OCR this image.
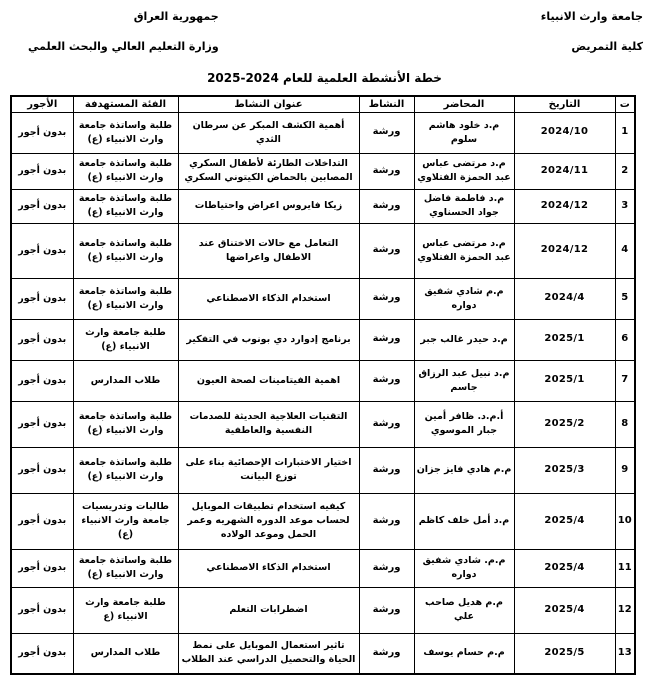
جامعة وارث الانبياء
كلية التمريض
جمهورية العراق
وزارة التعليم العالي والبحث العلمي
خطة الأنشطة العلمية للعام 2024-2025
ت	التاريخ	المحاضر	النشاط	عنوان النشاط	الفئة المستهدفة	الأجور
1	2024/10	م.د خلود هاشم سلوم	ورشة	أهمية الكشف المبكر عن سرطان الثدي	طلبة واساتذة جامعة وارث الانبياء (ع)	بدون أجور
2	2024/11	م.د مرتضى عباس عبد الحمزة الفتلاوي	ورشة	التداخلات الطارئة لأطفال السكري المصابين بالحماض الكيتوني السكري	طلبة واساتذة جامعة وارث الانبياء (ع)	بدون أجور
3	2024/12	م.د فاطمة فاضل جواد الحسناوي	ورشة	زيكا فايروس اعراض واحتياطات	طلبة واساتذة جامعة وارث الانبياء (ع)	بدون أجور
4	2024/12	م.د مرتضى عباس عبد الحمزة الفتلاوي	ورشة	التعامل مع حالات الاختناق عند الاطفال واعراضها	طلبة واساتذة جامعة وارث الانبياء (ع)	بدون أجور
5	2024/4	م.م شادي شفيق دواره	ورشة	استخدام الذكاء الاصطناعي	طلبة واساتذة جامعة وارث الانبياء (ع)	بدون أجور
6	2025/1	م.د حيدر غالب جبر	ورشة	برنامج إدوارد دي بونوب في التفكير	طلبة جامعة وارث الانبياء (ع)	بدون أجور
7	2025/1	م.د نبيل عبد الرزاق جاسم	ورشة	اهمية الفيتامينات لصحة العيون	طلاب المدارس	بدون أجور
8	2025/2	أ.م.د. ظافر أمين جبار الموسوي	ورشة	التقنيات العلاجية الحديثة للصدمات النفسية والعاطفية	طلبة واساتذة جامعة وارث الانبياء (ع)	بدون أجور
9	2025/3	م.م هادي فايز جزان	ورشة	اختيار الاختبارات الإحصائية بناء على توزع البيانت	طلبة واساتذة جامعة وارث الانبياء (ع)	بدون أجور
10	2025/4	م.د أمل خلف كاظم	ورشة	كيفيه استخدام تطبيقات الموبايل لحساب موعد الدوره الشهريه وعمر الحمل وموعد الولاده	طالبات وتدريسيات جامعة وارث الانبياء (ع)	بدون أجور
11	2025/4	م.م. شادي شفيق دواره	ورشة	استخدام الذكاء الاصطناعي	طلبة واساتذة جامعة وارث الانبياء (ع)	بدون أجور
12	2025/4	م.م هديل صاحب علي	ورشة	اضطرابات التعلم	طلبة جامعة وارث الانبياء (ع	بدون أجور
13	2025/5	م.م حسام يوسف	ورشة	تاثير استعمال الموبايل على نمط الحياة والتحصيل الدراسي عند الطلاب	طلاب المدارس	بدون أجور
